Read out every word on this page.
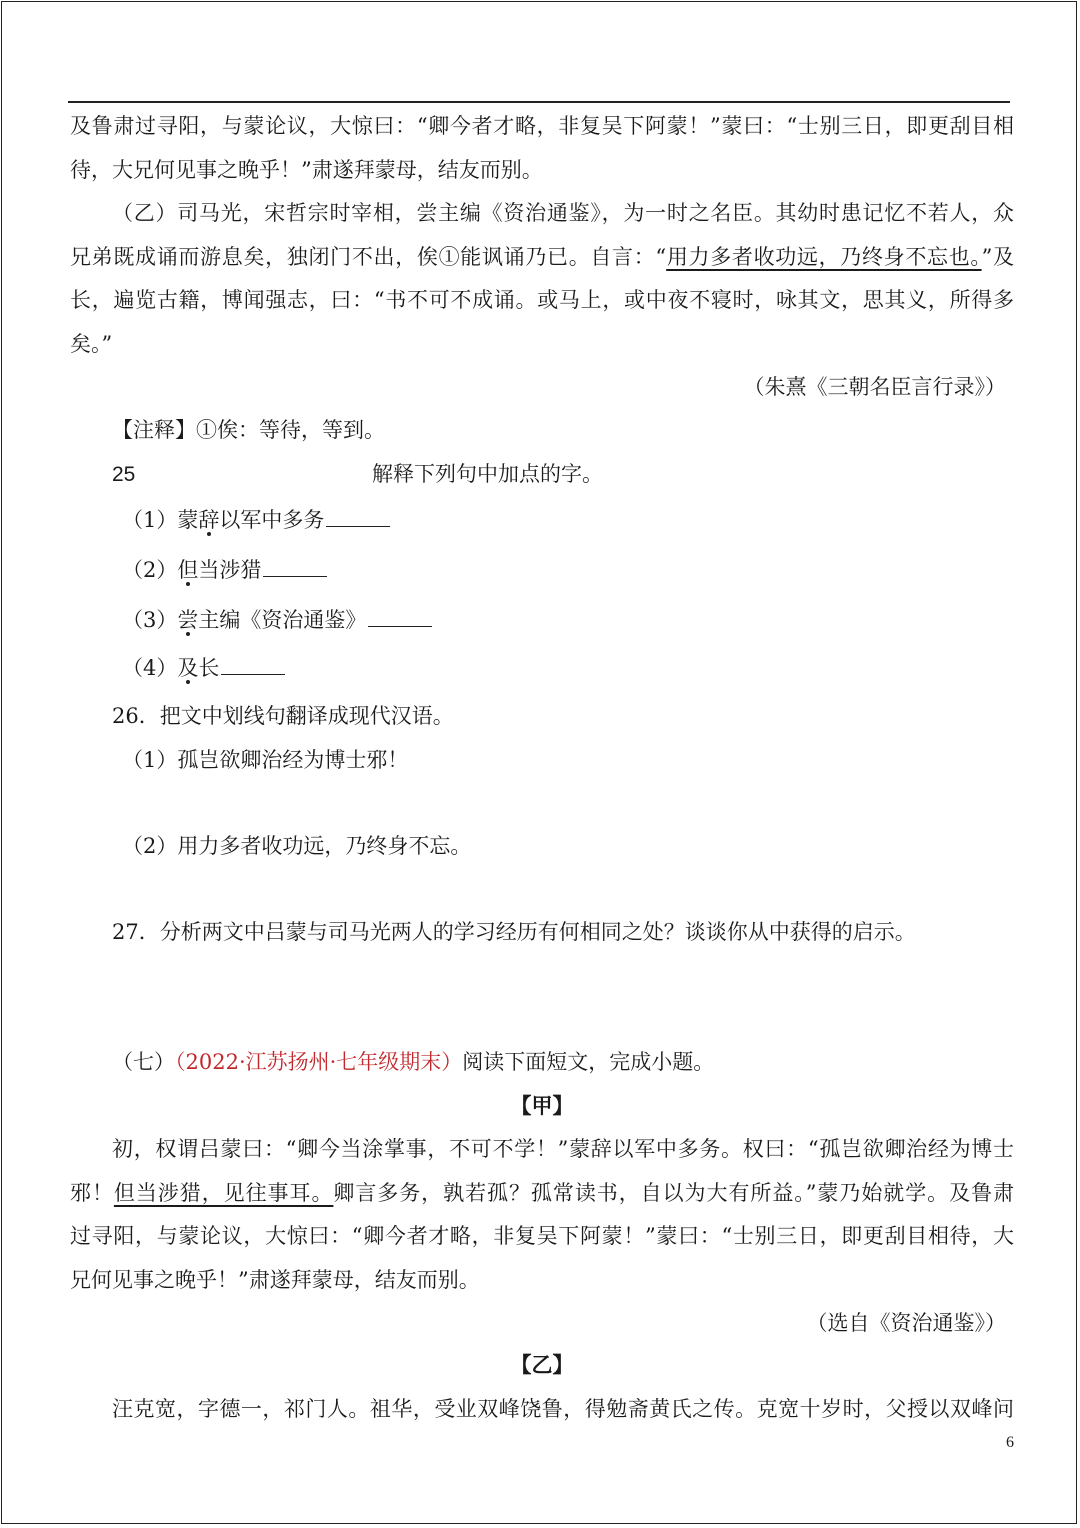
及鲁肃过寻阳，与蒙论议，大惊曰：“卿今者才略，非复吴下阿蒙！”蒙曰：“士别三日，即更刮目相
待，大兄何见事之晚乎！”肃遂拜蒙母，结友而别。
（乙）司马光，宋哲宗时宰相，尝主编《资治通鉴》，为一时之名臣。其幼时患记忆不若人，众
兄弟既成诵而游息矣，独闭门不出，俟①能讽诵乃已。自言：“用力多者收功远，乃终身不忘也。”及
长，遍览古籍，博闻强志，曰：“书不可不成诵。或马上，或中夜不寝时，咏其文，思其义，所得多
矣。”
（朱熹《三朝名臣言行录》）
【注释】①俟：等待，等到。
25	解释下列句中加点的字。
（1）蒙辞以军中多务
（2）但当涉猎
（3）尝主编《资治通鉴》
（4）及长
26．把文中划线句翻译成现代汉语。
（1）孤岂欲卿治经为博士邪！
（2）用力多者收功远，乃终身不忘。
27．分析两文中吕蒙与司马光两人的学习经历有何相同之处？谈谈你从中获得的启示。
（七）（2022·江苏扬州·七年级期末）阅读下面短文，完成小题。
【甲】
初，权谓吕蒙曰：“卿今当涂掌事，不可不学！”蒙辞以军中多务。权曰：“孤岂欲卿治经为博士
邪！但当涉猎，见往事耳。卿言多务，孰若孤？孤常读书，自以为大有所益。”蒙乃始就学。及鲁肃
过寻阳，与蒙论议，大惊曰：“卿今者才略，非复吴下阿蒙！”蒙曰：“士别三日，即更刮目相待，大
兄何见事之晚乎！”肃遂拜蒙母，结友而别。
（选自《资治通鉴》）
【乙】
汪克宽，字德一，祁门人。祖华，受业双峰饶鲁，得勉斋黄氏之传。克宽十岁时，父授以双峰问
6
